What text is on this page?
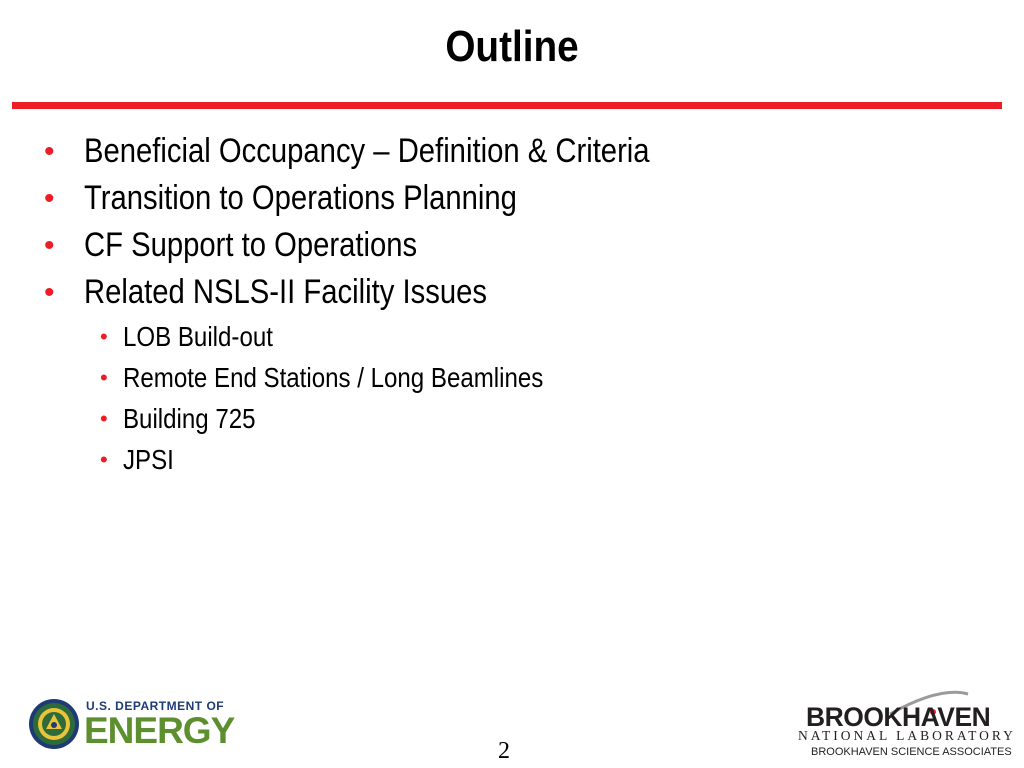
Outline
• Beneficial Occupancy – Definition & Criteria
• Transition to Operations Planning
• CF Support to Operations
• Related NSLS-II Facility Issues
• LOB Build-out
• Remote End Stations / Long Beamlines
• Building 725
• JPSI
U.S. DEPARTMENT OF
ENERGY	2
BROOKHAVEN
NATIONAL LABORATORY
BROOKHAVEN SCIENCE ASSOCIATES
